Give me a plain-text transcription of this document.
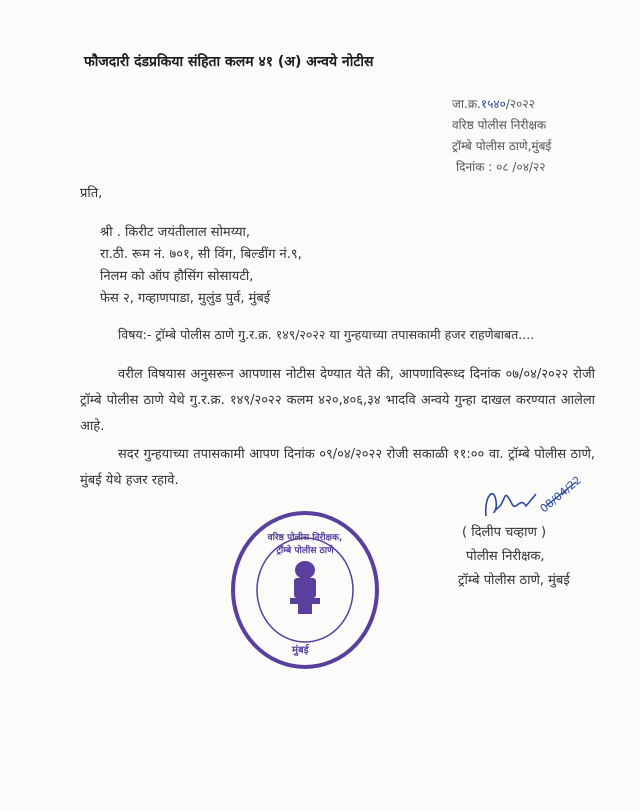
फौजदारी दंडप्रकिया संहिता कलम ४१ (अ) अन्वये नोटीस
जा.क्र.१५४०/२०२२
वरिष्ठ पोलीस निरीक्षक
ट्रॉम्बे पोलीस ठाणे,मुंबई
दिनांक : ०८ /०४/२२
प्रति,
श्री . किरीट जयंतीलाल सोमय्या,
रा.ठी. रूम नं. ७०१, सी विंग, बिल्डींग नं.९,
निलम को ऑप हौसिंग सोसायटी,
फेस २, गव्हाणपाडा, मुलुंड पुर्व, मुंबई
विषय:- ट्रॉम्बे पोलीस ठाणे गु.र.क्र. १४९/२०२२ या गुन्हयाच्या तपासकामी हजर राहणेबाबत....
वरील विषयास अनुसरून आपणास नोटीस देण्यात येते की, आपणाविरूध्द दिनांक ०७/०४/२०२२ रोजी ट्रॉम्बे पोलीस ठाणे येथे गु.र.क्र. १४९/२०२२ कलम ४२०,४०६,३४ भादवि अन्वये गुन्हा दाखल करण्यात आलेला आहे.
सदर गुन्हयाच्या तपासकामी आपण दिनांक ०९/०४/२०२२ रोजी सकाळी ११:०० वा. ट्रॉम्बे पोलीस ठाणे, मुंबई येथे हजर रहावे.	08/04/22
( दिलीप चव्हाण )
पोलीस निरीक्षक,
ट्रॉम्बे पोलीस ठाणे, मुंबई
वरिष्ठ पोलीस निरीक्षक, ट्रॉम्बे पोलीस ठाणे
मुंबई
